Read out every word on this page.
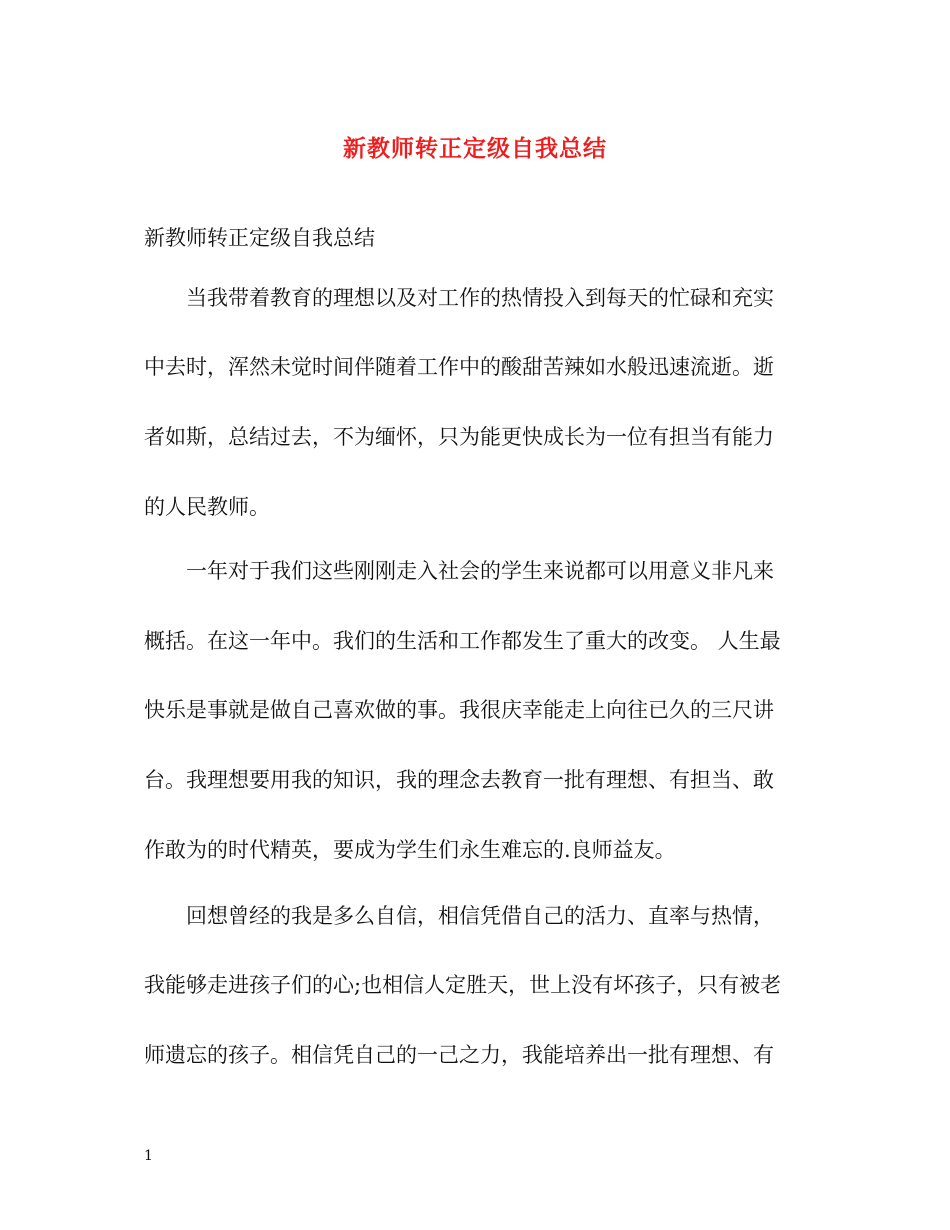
新教师转正定级自我总结

新教师转正定级自我总结

当我带着教育的理想以及对工作的热情投入到每天的忙碌和充实

中去时，浑然未觉时间伴随着工作中的酸甜苦辣如水般迅速流逝。逝

者如斯，总结过去，不为缅怀，只为能更快成长为一位有担当有能力

的人民教师。

一年对于我们这些刚刚走入社会的学生来说都可以用意义非凡来

概括。在这一年中。我们的生活和工作都发生了重大的改变。 人生最

快乐是事就是做自己喜欢做的事。我很庆幸能走上向往已久的三尺讲

台。我理想要用我的知识，我的理念去教育一批有理想、有担当、敢

作敢为的时代精英，要成为学生们永生难忘的.良师益友。

回想曾经的我是多么自信，相信凭借自己的活力、直率与热情，

我能够走进孩子们的心;也相信人定胜天，世上没有坏孩子，只有被老

师遗忘的孩子。相信凭自己的一己之力，我能培养出一批有理想、有

1
